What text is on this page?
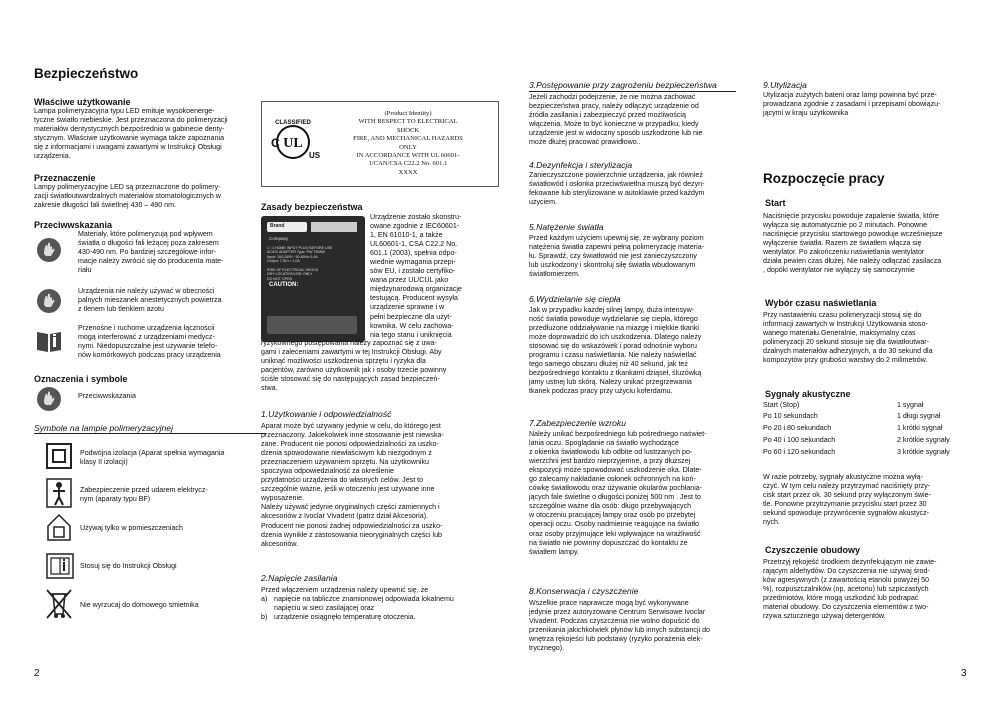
Bezpieczeństwo
Właściwe użytkowanie
Lampa polimeryzacyjna typu LED emituje wysokoenerge-
tyczne światło niebieskie. Jest przeznaczona do polimeryzacji
materiałów dentystycznych bezpośrednio w gabinecie denty-
stycznym. Właściwe użytkowanie wymaga także zapoznania
się z informacjami i uwagami zawartymi w Instrukcji Obsługi
urządzenia.
Przeznaczenie
Lampy polimeryzacyjne LED są przeznaczone do polimery-
zacji światłoutwardzalnych materiałów stomatologicznych w
zakresie długości fali świetlnej 430 – 490 nm.
Przeciwwskazania
Materiały, które polimeryzują pod wpływem
światła o długości fali leżącej poza zakresem
430-490 nm. Po bardziej szczegółowe infor-
macje należy zwrócić się do producenta mate-
riału
Urządzenia nie należy używać w obecności
palnych mieszanek anestetycznych powietrza
z tlenem lub tlenkiem azotu
Przenośne i ruchome urządzenia łącznościi
mogą interferować z urządzeniami medycz-
nymi. Niedopuszczalne jest używanie telefo-
nów komórkowych podczas pracy urządzenia
Oznaczenia i symbole
Przeciwwskazania
Symbole na lampie polimeryzacyjnej
Podwójna izolacja (Aparat spełnia wymagania
klasy II izolacji)
Zabezpieczenie przed udarem elektrycz-
nym (aparaty typu BF)
Używaj tylko w pomieszczeniach
Stosuj się do Instrukcji Obsługi
Nie wyrzucaj do domowego smietnika
2
UL
C
US
CLASSIFIED
(Product Identity)
WITH RESPECT TO ELECTRICAL
SHOCK
FIRE, AND MECHANICAL HAZARDS
ONLY
IN ACCORDANCE WITH UL 60601-
1/CAN/CSA C22.2 No. 601.1
XXXX
Zasady bezpieczeństwa
Brand
Company
1 / 1 HOME INPUT PLUG BEFORE USE
AC/DC ADAPTER Type: PW 7508W
Input: 100-240V~ 50-60Hz 0.4A
Output: 7.5V== 1.0A

RISK OF ELECTRICAL SHOCK
DRY LOCATION USE ONLY
DO NOT OPEN
CAUTION:
Urządzenie zostało skonstru-
owane zgodnie z IEC60601-
1, EN 61010-1, a także
UL60601-1, CSA C22.2 No.
601.1 (2003), spełnia odpo-
wiednie wymagania przepi-
sów EU, i zostało certyfiko-
wana przez UL/CUL jako
międzynarodową organizacje
testującą. Producent wysyła
urządzenie sprawne i w
pełni bezpieczne dla użyt-
kownika. W celu zachowa-
nia tego stanu i uniknięcia
ryzykownego postępowania należy zapoznać się z uwa-
gami i zaleceniami zawartymi w tej Instrukcji Obsługi. Aby
uniknąć możliwości uszkodzenia sprzętu i ryzyka dla
pacjentów, zarówno użytkownik jak i osoby trzecie powinny
ściśle stosować się do następujących zasad bezpieczeń-
stwa.
1.Użytkowanie i odpowiedzialność
Aparat może być używany jedynie w celu, do którego jest
przeznaczony. Jakiekolwiek inne stosowanie jest niewska-
zane. Producent nie ponosi odpowiedzialności za uszko-
dzenia spowodowane niewłaściwym lub niezgodnym z
przeznaczeniem używaniem sprzętu. Na użytkowniku
spoczywa odpowiedzialność za określenie
przydatności urządzenia do własnych celów. Jest to
szczególnie ważne, jeśli w otoczeniu jest używane inne
wyposażenie.
Należy używać jedynie oryginalnych części zamiennych i
akcesoriów z Ivoclar Vivadent (patrz dział Akcesoria).
Producent nie ponosi żadnej odpowiedzialności za uszko-
dzenia wynikłe z zastosowania nieoryginalnych części lub
akcesoriów.
2.Napięcie zasilania
Przed włączeniem urządzenia należy upewnić się, że
a) napięcie na tabliczce znamionowej odpowiada lokalnemu
napięciu w sieci zasilającej oraz
b) urządzenie osiągnęło temperaturę otoczenia.
3.Postępowanie przy zagrożeniu bezpieczeństwa
Jeżeli zachodzi podejrzenie, że nie można zachować
bezpieczeństwa pracy, należy odłączyć urządzenie od
źródła zasilania i zabezpieczyć przed możliwością
włączenia. Może to być konieczne w przypadku, kiedy
urządzenie jest w widoczny sposób uszkodzone lub nie
może dłużej pracować prawidłowo..
4.Dezynfekcja i sterylizacja
Zanieczyszczone powierzchnie urządzenia, jak również
światłowód i osłonka przeciwświetlna muszą być dezyn-
fekowane lub sterylizowane w autoklawie przed każdym
użyciem.
5.Natężenie światła
Przed każdym użyciem upewnij się, że wybrany poziom
natężenia światła zapewni pełną polimeryzację materia-
łu. Sprawdź, czy światłowód nie jest zanieczyszczony
lub uszkodzony i skontroluj siłę światła wbudowanym
światłomierzem.
6.Wydzielanie się ciepła
Jak w przypadku każdej silnej lampy, duża intensyw-
ność światła powoduje wydzielanie się ciepła, którego
przedłużone oddziaływanie na miazgę i miękkie tkanki
może doprowadzić do ich uszkodzenia. Dlatego należy
stosować się do wskazówek i porad odnośnie wyboru
programu i czasu naświetlania. Nie należy naświetlać
tego samego obszaru dłużej niż 40 sekund, jak też
bezpośredniego kontaktu z tkankami dziąseł, śluzówką
jamy ustnej lub skórą. Należy unikać przegrzewania
tkanek podczas pracy przy użyciu koferdamu.
7.Zabezpieczenie wzroku
Należy unikać bezpośredniego lub pośredniego naświet-
lania oczu. Spoglądanie na światło wychodzące
z okienka światłowodu lub odbite od lustrzanych po-
wierzchni jest bardzo nieprzyjemne, a przy dłuższej
ekspozycji może spowodować uszkodzenie oka. Dlate-
go zalecamy nakładanie osłonek ochronnych na koń-
cówkę światłowodu oraz używanie okularów pochłania-
jących fale świetlne o długości poniżej 500 nm . Jest to
szczególnie ważne dla osób: długo przebywających
w otoczeniu pracującej lampy oraz osób po przebytej
operacji oczu. Osoby nadmiernie reagujące na światło
oraz osoby przyjmujące leki wpływające na wrażliwość
na światło nie powinny dopuszczać do kontaktu ze
światłem lampy.
8.Konserwacja i czyszczenie
Wszelkie prace naprawcze mogą być wykonywane
jedynie przez autoryzowane Centrum Serwisowe Ivoclar
Vivadent. Podczas czyszczenia nie wolno dopuścić do
przenikania jakichkolwiek płynów lub innych substancji do
wnętrza rękojeści lub podstawy (ryzyko porażenia elek-
trycznego).
9.Utylizacja
Utylizacja zużytych baterii oraz lamp powinna być prze-
prowadzana zgodnie z zasadami i przepisami obowiązu-
jącymi w kraju użytkownika
Rozpoczęcie pracy
Start
Naciśnięcie przycisku powoduje zapalenie światła, które
wyłącza się automatycznie po 2 minutach. Ponowne
naciśnięcie przycisku startowego powoduje wcześniejsze
wyłączenie światła. Razem ze światłem włącza się
wentylator. Po zakończeniu naświetlania wentylator
działa pewien czas dłużej. Nie należy odłączać zasilacza
, dopóki wentylator nie wyłączy się samoczynnie
Wybór czasu naświetlania
Przy nastawieniu czasu polimeryzacji stosuj się do
informacji zawartych w Instrukcji Użytkowania stoso-
wanego materiału.Generalnie, maksymalny czas
polimeryzacji 20 sekund stosuje się dla światłoutwar-
dzalnych materiałów adhezyjnych, a do 30 sekund dla
kompozytów przy grubości warstwy do 2 milimetrów.
Sygnały akustyczne
Start (Stop)	1 sygnał
Po 10 sekundach	1 długi sygnał
Po 20 i 80 sekundach	1 krótki sygnał
Po 40 i 100 sekundach	2 krótkie sygnały
Po 60 i 120 sekundach	3 krótkie sygnały
W razie potrzeby, sygnały akustyczne można wyłą-
czyć. W tym celu należy przytrzymać naciśnięty przy-
cisk start przez ok. 30 sekund przy wyłączonym świe-
tle. Ponowne przytrzymanie przycisku start przez 30
sekund spowoduje przywrócenie sygnałów akustycz-
nych.
Czyszczenie obudowy
Przetrzyj rękojeść środkiem dezynfekującym nie zawie-
rającym aldehydów. Do czyszczenia nie używaj środ-
ków agresywnych (z zawartością etanolu powyżej 50
%), rozpuszczalników (np. acetonu) lub szpiczastych
przedmiotów, które mogą uszkodzić lub podrapać
materiał obudowy. Do czyszczenia elementów z two-
rzywa sztucznego używaj detergentów.
3
